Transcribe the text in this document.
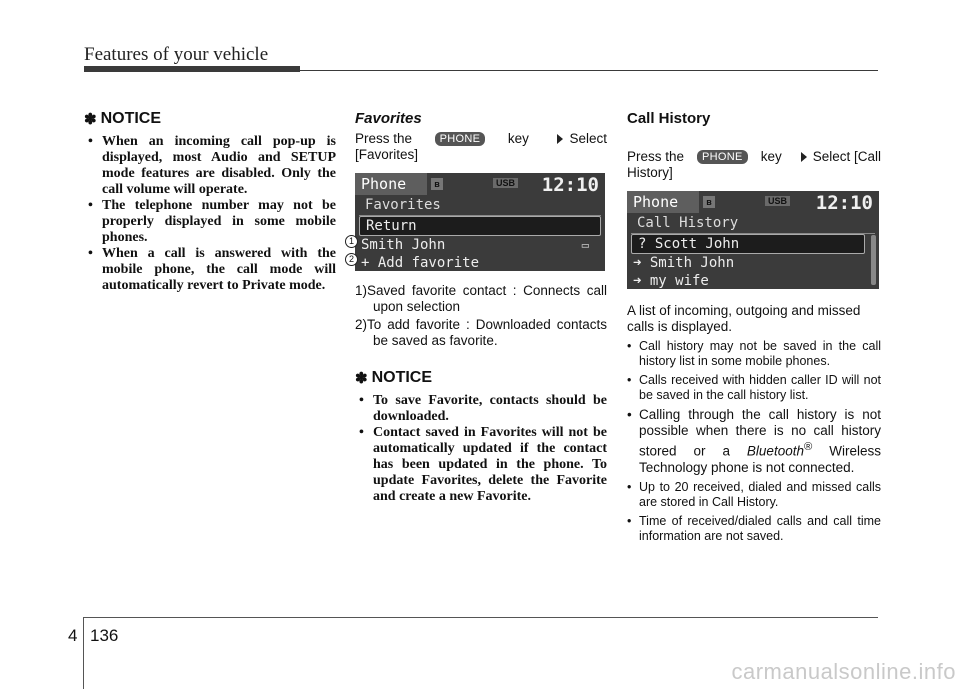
Features of your vehicle
✽ NOTICE
• When an incoming call pop-up is displayed, most Audio and SETUP mode features are disabled. Only the call volume will operate.
• The telephone number may not be properly displayed in some mobile phones.
• When a call is answered with the mobile phone, the call mode will automatically revert to Private mode.
Favorites
Press the	PHONE	key	Select
[Favorites]
Phone	ʙ	USB 12:10
Favorites
Return
Smith John	▭
+ Add favorite
1
2
1)Saved favorite contact : Connects call upon selection
2)To add favorite : Downloaded contacts be saved as favorite.
✽ NOTICE
• To save Favorite, contacts should be downloaded.
• Contact saved in Favorites will not be automatically updated if the contact has been updated in the phone. To update Favorites, delete the Favorite and create a new Favorite.
Call History
Press the	PHONE	key Select [Call
History]
Phone	ʙ	USB 12:10
Call History
? Scott John
➜ Smith John
➜ my wife

A list of incoming, outgoing and missed calls is displayed.

• Call history may not be saved in the call history list in some mobile phones.
• Calls received with hidden caller ID will not be saved in the call history list.
• Calling through the call history is not possible when there is no call history stored or a Bluetooth® Wireless Technology phone is not connected.
• Up to 20 received, dialed and missed calls are stored in Call History.
• Time of received/dialed calls and call time information are not saved.
4 136
carmanualsonline.info
